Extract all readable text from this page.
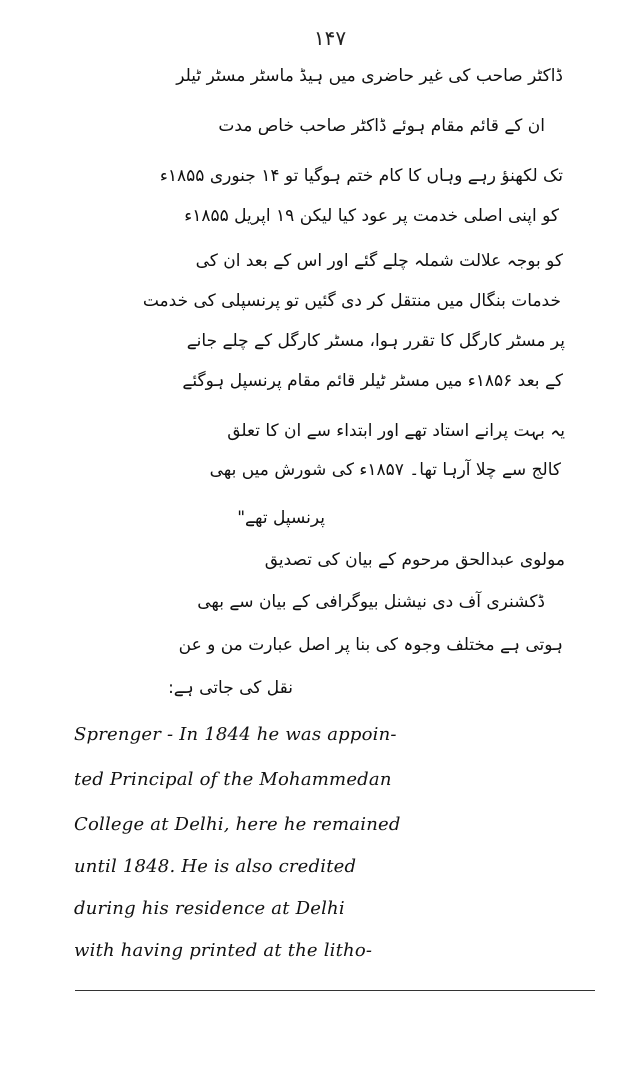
۱۴۷
ڈاکٹر صاحب کی غیر حاضری میں ہیڈ ماسٹر مسٹر ٹیلر
ان کے قائم مقام ہوئے ڈاکٹر صاحب خاص مدت
تک لکھنؤ رہے وہاں کا کام ختم ہوگیا تو ۱۴ جنوری ۱۸۵۵ء
کو اپنی اصلی خدمت پر عود کیا لیکن ۱۹ اپریل ۱۸۵۵ء
کو بوجہ علالت شملہ چلے گئے اور اس کے بعد ان کی
خدمات بنگال میں منتقل کر دی گئیں تو پرنسپلی کی خدمت
پر مسٹر کارگل کا تقرر ہوا، مسٹر کارگل کے چلے جانے
کے بعد ۱۸۵۶ء میں مسٹر ٹیلر قائم مقام پرنسپل ہوگئے
یہ بہت پرانے استاد تھے اور ابتداء سے ان کا تعلق
کالج سے چلا آرہا تھا۔ ۱۸۵۷ء کی شورش میں بھی
پرنسپل تھے"
مولوی عبدالحق مرحوم کے بیان کی تصدیق
ڈکشنری آف دی نیشنل بیوگرافی کے بیان سے بھی
ہوتی ہے مختلف وجوہ کی بنا پر اصل عبارت من و عن
نقل کی جاتی ہے:
Sprenger - In 1844 he was appoin-
ted Principal of the Mohammedan
College at Delhi, here he remained
until 1848. He is also credited
during his residence at Delhi
with having printed at the litho-
